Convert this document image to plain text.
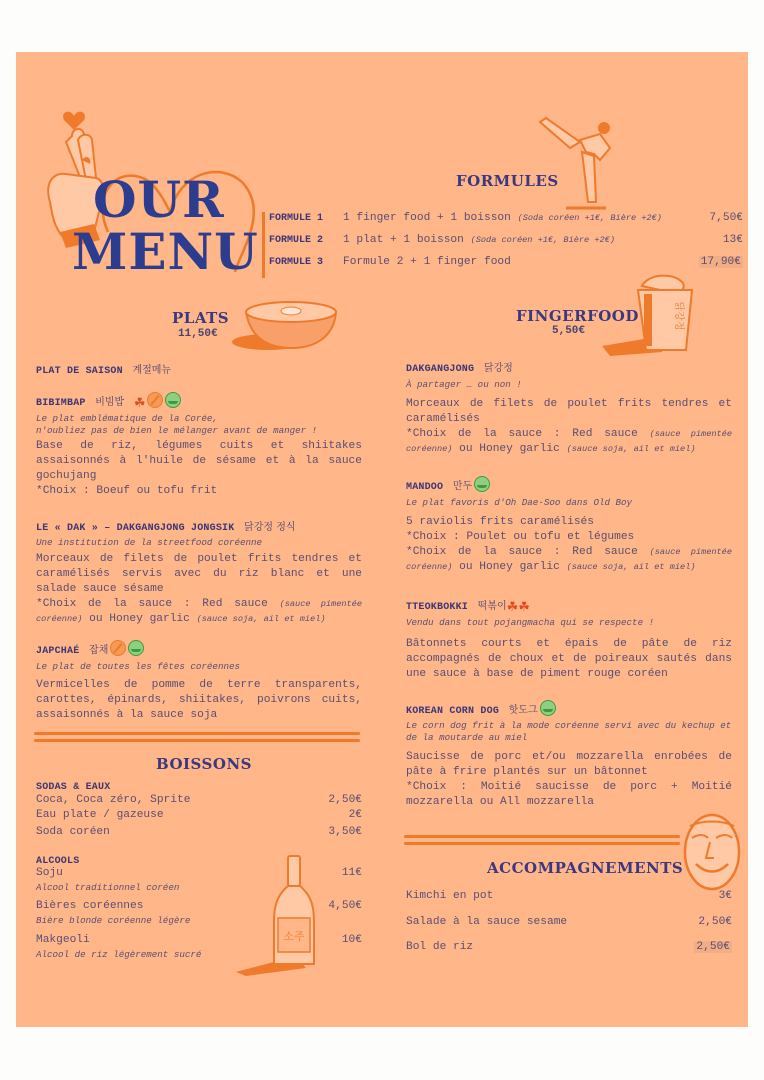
OUR
MENU
FORMULES
FORMULE 1	1 finger food + 1 boisson (Soda coréen +1€, Bière +2€)	7,50€
FORMULE 2	1 plat + 1 boisson (Soda coréen +1€, Bière +2€)	13€
FORMULE 3	Formule 2 + 1 finger food	17,90€
PLATS
11,50€
PLAT DE SAISON 계절메뉴
BIBIMBAP 비빔밥 ☘
Le plat emblématique de la Corée,
n'oubliez pas de bien le mélanger avant de manger !
Base de riz, légumes cuits et shiitakes assaisonnés à l'huile de sésame et à la sauce gochujang
*Choix : Boeuf ou tofu frit
LE « DAK » – DAKGANGJONG JONGSIK 닭강정 정식
Une institution de la streetfood coréenne
Morceaux de filets de poulet frits tendres et caramélisés servis avec du riz blanc et une salade sauce sésame
*Choix de la sauce : Red sauce (sauce pimentée coréenne) ou Honey garlic (sauce soja, ail et miel)
JAPCHAÉ 잡채
Le plat de toutes les fêtes coréennes
Vermicelles de pomme de terre transparents, carottes, épinards, shiitakes, poivrons cuits, assaisonnés à la sauce soja
BOISSONS
SODAS & EAUX
Coca, Coca zéro, Sprite	2,50€
Eau plate / gazeuse	2€
Soda coréen	3,50€
ALCOOLS
Soju	11€
Alcool traditionnel coréen
Bières coréennes	4,50€
Bière blonde coréenne légère
Makgeoli	10€
Alcool de riz légèrement sucré
소주
FINGERFOOD
5,50€
닭강정
DAKGANGJONG 닭강정
À partager … ou non !
Morceaux de filets de poulet frits tendres et caramélisés
*Choix de la sauce : Red sauce (sauce pimentée coréenne) ou Honey garlic (sauce soja, ail et miel)
MANDOO 만두
Le plat favoris d'Oh Dae-Soo dans Old Boy
5 raviolis frits caramélisés
*Choix : Poulet ou tofu et légumes
*Choix de la sauce : Red sauce (sauce pimentée coréenne) ou Honey garlic (sauce soja, ail et miel)
TTEOKBOKKI 떡볶이☘☘
Vendu dans tout pojangmacha qui se respecte !
Bâtonnets courts et épais de pâte de riz accompagnés de choux et de poireaux sautés dans une sauce à base de piment rouge coréen
KOREAN CORN DOG 핫도그
Le corn dog frit à la mode coréenne servi avec du kechup et de la moutarde au miel
Saucisse de porc et/ou mozzarella enrobées de pâte à frire plantés sur un bâtonnet
*Choix : Moitié saucisse de porc + Moitié mozzarella ou All mozzarella
ACCOMPAGNEMENTS
Kimchi en pot	3€
Salade à la sauce sesame	2,50€
Bol de riz	2,50€
